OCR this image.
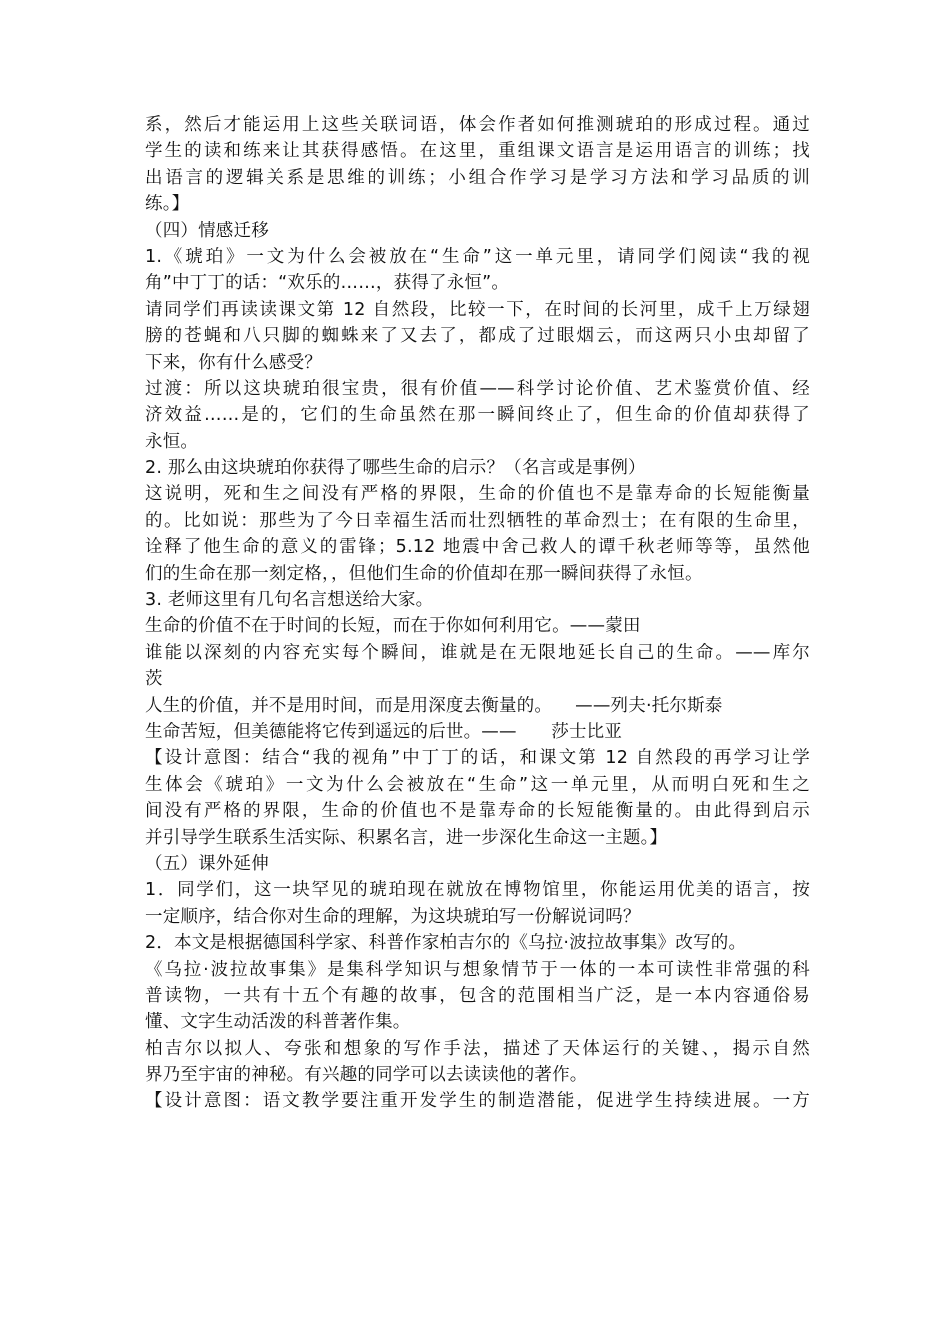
系，然后才能运用上这些关联词语，体会作者如何推测琥珀的形成过程。通过
学生的读和练来让其获得感悟。在这里，重组课文语言是运用语言的训练；找
出语言的逻辑关系是思维的训练；小组合作学习是学习方法和学习品质的训
练。】
（四）情感迁移
1.《琥珀》一文为什么会被放在“生命”这一单元里，请同学们阅读“我的视
角”中丁丁的话：“欢乐的……，获得了永恒”。
请同学们再读读课文第 12 自然段，比较一下，在时间的长河里，成千上万绿翅
膀的苍蝇和八只脚的蜘蛛来了又去了，都成了过眼烟云，而这两只小虫却留了
下来，你有什么感受？
过渡：所以这块琥珀很宝贵，很有价值——科学讨论价值、艺术鉴赏价值、经
济效益……是的，它们的生命虽然在那一瞬间终止了，但生命的价值却获得了
永恒。
2. 那么由这块琥珀你获得了哪些生命的启示？（名言或是事例）
这说明，死和生之间没有严格的界限，生命的价值也不是靠寿命的长短能衡量
的。比如说：那些为了今日幸福生活而壮烈牺牲的革命烈士；在有限的生命里，
诠释了他生命的意义的雷锋；5.12 地震中舍己救人的谭千秋老师等等，虽然他
们的生命在那一刻定格，，但他们生命的价值却在那一瞬间获得了永恒。
3. 老师这里有几句名言想送给大家。
生命的价值不在于时间的长短，而在于你如何利用它。——蒙田
谁能以深刻的内容充实每个瞬间，谁就是在无限地延长自己的生命。——库尔
茨
人生的价值，并不是用时间，而是用深度去衡量的。    ——列夫·托尔斯泰
生命苦短，但美德能将它传到遥远的后世。——      莎士比亚
【设计意图：结合“我的视角”中丁丁的话，和课文第 12 自然段的再学习让学
生体会《琥珀》一文为什么会被放在“生命”这一单元里，从而明白死和生之
间没有严格的界限，生命的价值也不是靠寿命的长短能衡量的。由此得到启示
并引导学生联系生活实际、积累名言，进一步深化生命这一主题。】
（五）课外延伸
1．同学们，这一块罕见的琥珀现在就放在博物馆里，你能运用优美的语言，按
一定顺序，结合你对生命的理解，为这块琥珀写一份解说词吗？
2．本文是根据德国科学家、科普作家柏吉尔的《乌拉·波拉故事集》改写的。
《乌拉·波拉故事集》是集科学知识与想象情节于一体的一本可读性非常强的科
普读物，一共有十五个有趣的故事，包含的范围相当广泛，是一本内容通俗易
懂、文字生动活泼的科普著作集。
柏吉尔以拟人、夸张和想象的写作手法，描述了天体运行的关键、，揭示自然
界乃至宇宙的神秘。有兴趣的同学可以去读读他的著作。
【设计意图：语文教学要注重开发学生的制造潜能，促进学生持续进展。一方
